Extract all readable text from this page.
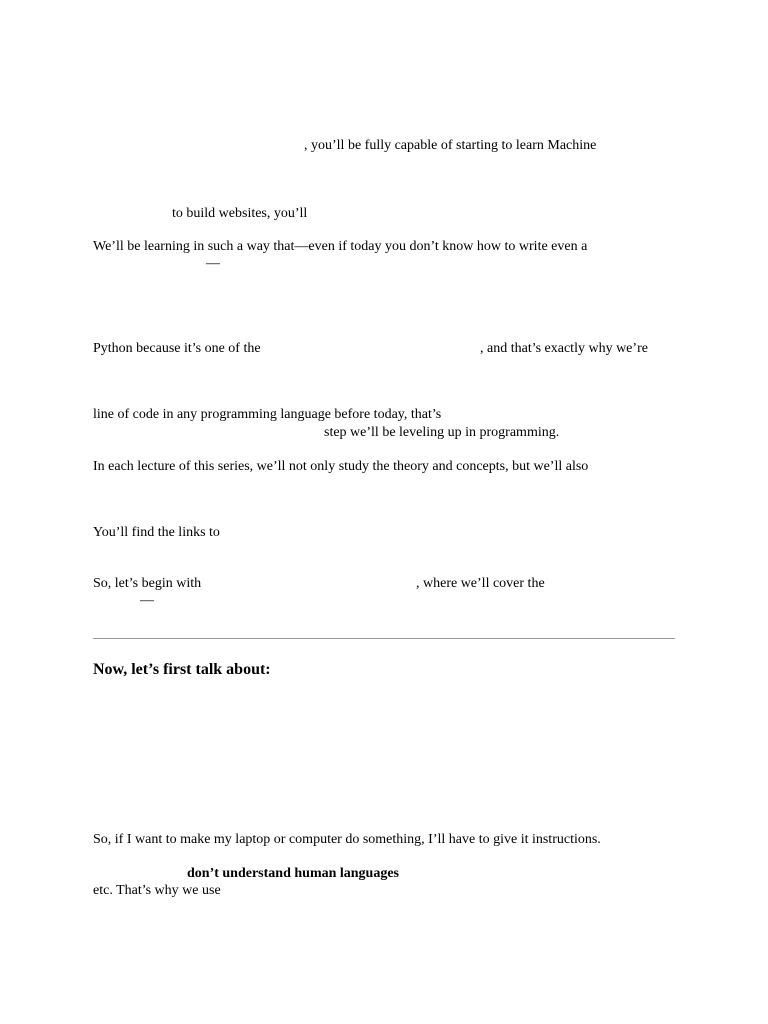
, you’ll be fully capable of starting to learn Machine
to build websites, you’ll
We’ll be learning in such a way that—even if today you don’t know how to write even a
—
Python because it’s one of the	, and that’s exactly why we’re
line of code in any programming language before today, that’s
step we’ll be leveling up in programming.
In each lecture of this series, we’ll not only study the theory and concepts, but we’ll also
You’ll find the links to
So, let’s begin with	, where we’ll cover the
—
Now, let’s first talk about:
So, if I want to make my laptop or computer do something, I’ll have to give it instructions.
don’t understand human languages
etc. That’s why we use
